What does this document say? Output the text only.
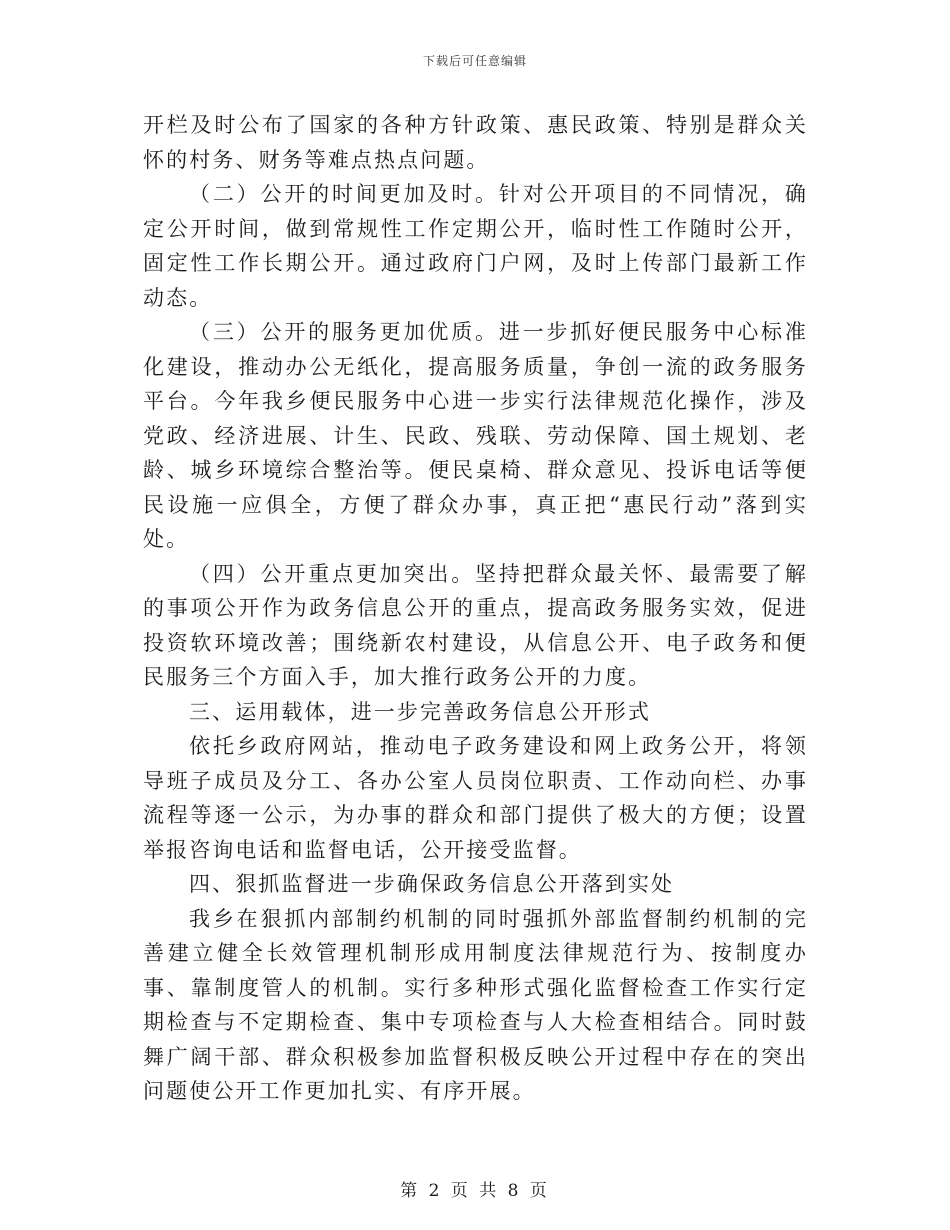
下载后可任意编辑

开栏及时公布了国家的各种方针政策、惠民政策、特别是群众关怀的村务、财务等难点热点问题。

（二）公开的时间更加及时。针对公开项目的不同情况，确定公开时间，做到常规性工作定期公开，临时性工作随时公开，固定性工作长期公开。通过政府门户网，及时上传部门最新工作动态。

（三）公开的服务更加优质。进一步抓好便民服务中心标准化建设，推动办公无纸化，提高服务质量，争创一流的政务服务平台。今年我乡便民服务中心进一步实行法律规范化操作，涉及党政、经济进展、计生、民政、残联、劳动保障、国土规划、老龄、城乡环境综合整治等。便民桌椅、群众意见、投诉电话等便民设施一应俱全，方便了群众办事，真正把“惠民行动”落到实处。

（四）公开重点更加突出。坚持把群众最关怀、最需要了解的事项公开作为政务信息公开的重点，提高政务服务实效，促进投资软环境改善；围绕新农村建设，从信息公开、电子政务和便民服务三个方面入手，加大推行政务公开的力度。

三、运用载体，进一步完善政务信息公开形式

依托乡政府网站，推动电子政务建设和网上政务公开，将领导班子成员及分工、各办公室人员岗位职责、工作动向栏、办事流程等逐一公示，为办事的群众和部门提供了极大的方便；设置举报咨询电话和监督电话，公开接受监督。

四、狠抓监督进一步确保政务信息公开落到实处

我乡在狠抓内部制约机制的同时强抓外部监督制约机制的完善建立健全长效管理机制形成用制度法律规范行为、按制度办事、靠制度管人的机制。实行多种形式强化监督检查工作实行定期检查与不定期检查、集中专项检查与人大检查相结合。同时鼓舞广阔干部、群众积极参加监督积极反映公开过程中存在的突出问题使公开工作更加扎实、有序开展。

第 2 页 共 8 页
